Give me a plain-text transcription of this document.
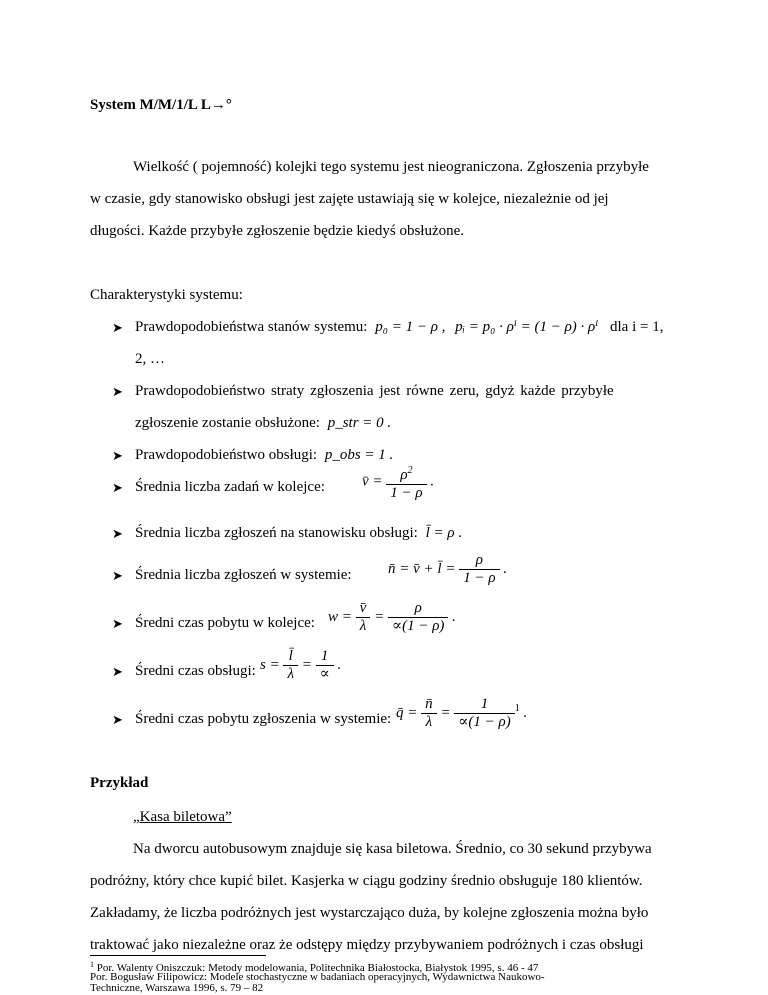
System M/M/1/L L→°
Wielkość ( pojemność) kolejki tego systemu jest nieograniczona. Zgłoszenia przybyłe
w czasie, gdy stanowisko obsługi jest zajęte ustawiają się w kolejce, niezależnie od jej
długości. Każde przybyłe zgłoszenie będzie kiedyś obsłużone.
Charakterystyki systemu:
➤ Prawdopodobieństwa stanów systemu: p₀ = 1 − ρ , pᵢ = p₀ · ρⁱ = (1 − ρ) · ρⁱ dla i = 1,
2, …
➤ Prawdopodobieństwo straty zgłoszenia jest równe zeru, gdyż każde przybyłe
zgłoszenie zostanie obsłużone: p_str = 0 .
➤ Prawdopodobieństwo obsługi: p_obs = 1 .
➤ Średnia liczba zadań w kolejce: v̄ = $\frac{\rho^2}{1 - \rho}$ .
➤ Średnia liczba zgłoszeń na stanowisku obsługi: l̄ = ρ .
➤ Średnia liczba zgłoszeń w systemie: n̄ = v̄ + l̄ = $\frac{\rho}{1 - \rho}$ .
➤ Średni czas pobytu w kolejce: $w = \frac{v̄}{\lambda} = \frac{\rho}{\propto(1 - \rho)}$ .
➤ Średni czas obsługi: $s = \frac{l̄}{\lambda} = \frac{1}{\propto}$ .
➤ Średni czas pobytu zgłoszenia w systemie: q̄ = $\frac{n̄}{\lambda} = \frac{1}{\propto(1 - \rho)} ^1$ .
Przykład
„Kasa biletowa”
Na dworcu autobusowym znajduje się kasa biletowa. Średnio, co 30 sekund przybywa
podróżny, który chce kupić bilet. Kasjerka w ciągu godziny średnio obsługuje 180 klientów.
Zakładamy, że liczba podróżnych jest wystarczająco duża, by kolejne zgłoszenia można było
traktować jako niezależne oraz że odstępy między przybywaniem podróżnych i czas obsługi
$^1$ Por. Walenty Oniszczuk: Metody modelowania, Politechnika Białostocka, Białystok 1995, s. 46 - 47
Por. Bogusław Filipowicz: Modele stochastyczne w badaniach operacyjnych, Wydawnictwa Naukowo-
Techniczne, Warszawa 1996, s. 79 – 82
